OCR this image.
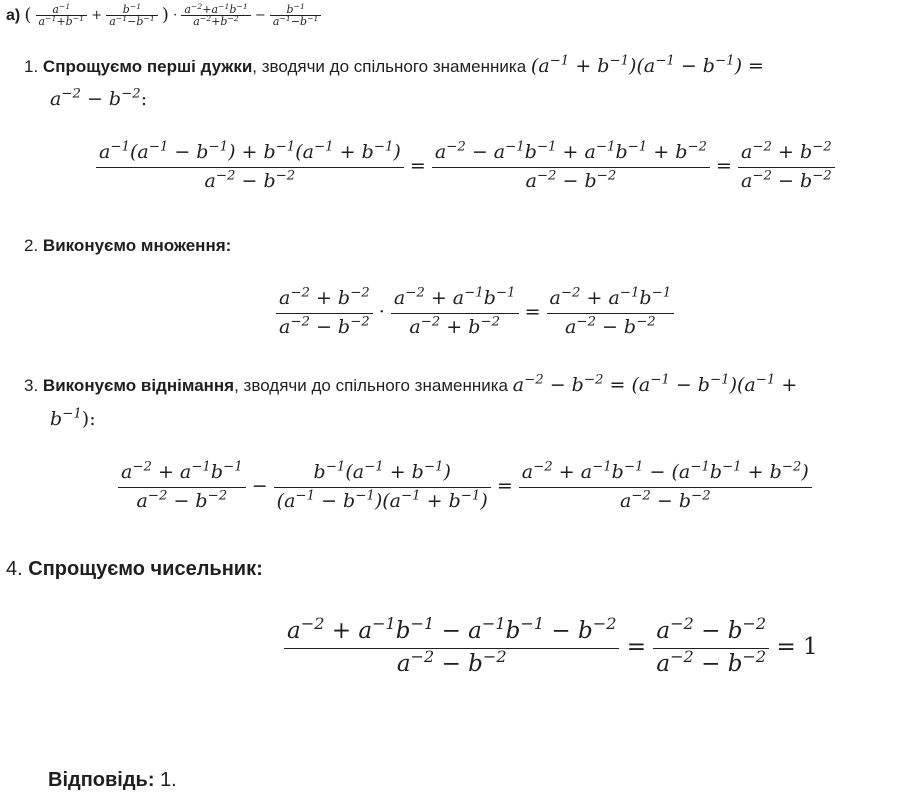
а) ( $\frac{a^{-1}}{a^{-1}+b^{-1}} + \frac{b^{-1}}{a^{-1}-b^{-1}}$ ) · $\frac{a^{-2}+a^{-1}b^{-1}}{a^{-2}+b^{-2}} - \frac{b^{-1}}{a^{-1}-b^{-1}}$
1. Спрощуємо перші дужки, зводячи до спільного знаменника $(a^{-1} + b^{-1})(a^{-1} - b^{-1})$ =
$a^{-2} - b^{-2}$:
$\frac{a^{-1}(a^{-1} - b^{-1}) + b^{-1}(a^{-1} + b^{-1})}{a^{-2} - b^{-2}} = \frac{a^{-2} - a^{-1}b^{-1} + a^{-1}b^{-1} + b^{-2}}{a^{-2} - b^{-2}} = \frac{a^{-2} + b^{-2}}{a^{-2} - b^{-2}}$
2. Виконуємо множення:
$\frac{a^{-2} + b^{-2}}{a^{-2} - b^{-2}} \cdot \frac{a^{-2} + a^{-1}b^{-1}}{a^{-2} + b^{-2}} = \frac{a^{-2} + a^{-1}b^{-1}}{a^{-2} - b^{-2}}$
3. Виконуємо віднімання, зводячи до спільного знаменника $a^{-2} - b^{-2} = (a^{-1} - b^{-1})(a^{-1}$ +
$b^{-1}$):
$\frac{a^{-2} + a^{-1}b^{-1}}{a^{-2} - b^{-2}} - \frac{b^{-1}(a^{-1} + b^{-1})}{(a^{-1} - b^{-1})(a^{-1} + b^{-1})} = \frac{a^{-2} + a^{-1}b^{-1} - (a^{-1}b^{-1} + b^{-2})}{a^{-2} - b^{-2}}$
4. Спрощуємо чисельник:
$\frac{a^{-2} + a^{-1}b^{-1} - a^{-1}b^{-1} - b^{-2}}{a^{-2} - b^{-2}} = \frac{a^{-2} - b^{-2}}{a^{-2} - b^{-2}} = 1$
Відповідь: 1.
